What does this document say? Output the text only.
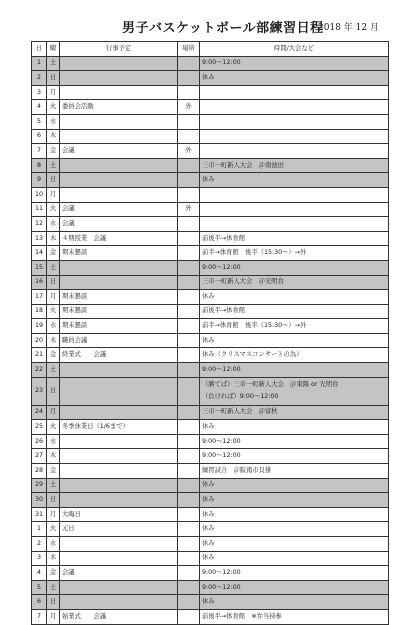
男子バスケットボール部練習日程
2018 年 12 月
日	曜	行事予定	場所	時間/大会など
1	土			9:00～12:00

2	日			休み

3	月			

4	火	委員会活動	外	

5	水			

6	木			

7	金	会議	外	

8	土			三市一町新人大会　＠南池田

9	日			休み

10	月			

11	火	会議	外	

12	水	会議		

13	木	４期授業　会議		前後半→体育館

14	金	期末懇談		前半→体育館　後半（15:30～）→外

15	土			9:00～12:00

16	日			三市一町新人大会　＠光明台

17	月	期末懇談		休み

18	火	期末懇談		前後半→体育館

19	水	期末懇談		前半→体育館　後半（15:30～）→外

20	木	職員会議		休み

21	金	終業式　　会議		休み（クリスマスコンサートの為）

22	土			9:00～12:00

23	日			（勝てば）三市一町新人大会　＠東陽 or 光明台
（負ければ）9:00～12:00

24	月			三市一町新人大会　＠富秋

25	火	冬季休業日（1/6まで）		休み

26	水			9:00～12:00

27	木			9:00～12:00

28	金			練習試合　＠阪南市貝掛

29	土			休み

30	日			休み

31	月	大晦日		休み

1	火	元日		休み

2	水			休み

3	木			休み

4	金	会議		9:00～12:00

5	土			9:00～12:00

6	日			休み

7	月	始業式　　会議		前後半→体育館　※弁当持参
